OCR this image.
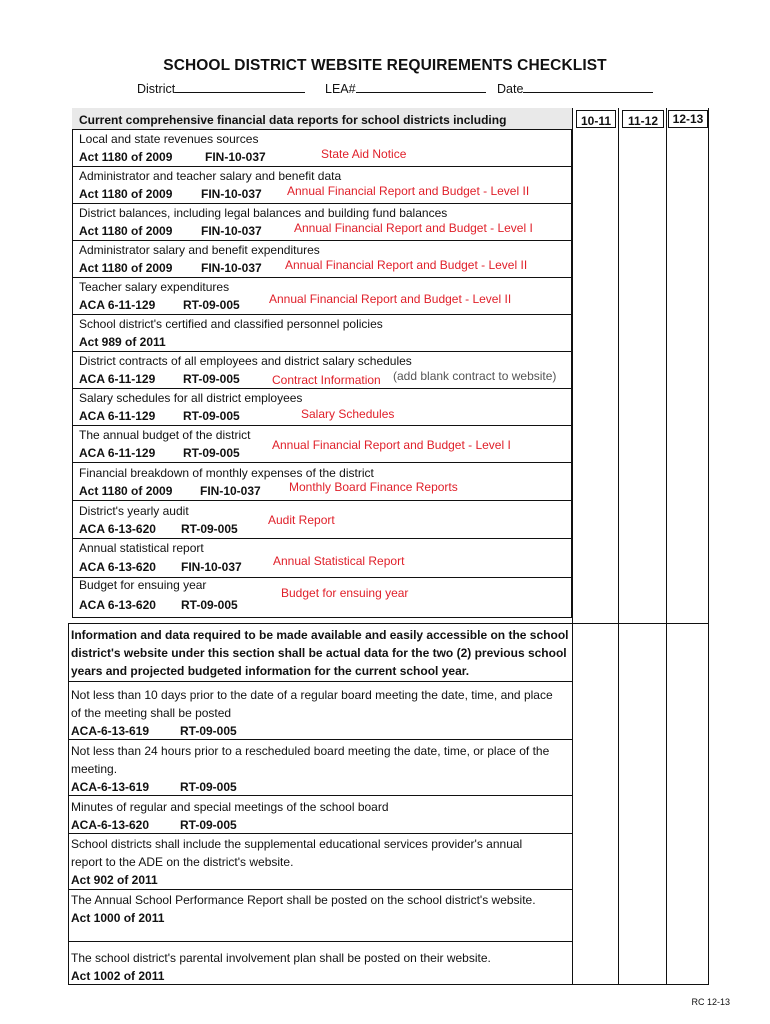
SCHOOL DISTRICT WEBSITE REQUIREMENTS CHECKLIST
District	LEA#	Date
10-11	11-12	12-13
Current comprehensive financial data reports for school districts including
Local and state revenues sources
Act 1180 of 2009	FIN-10-037	State Aid Notice
Administrator and teacher salary and benefit data
Act 1180 of 2009 FIN-10-037 Annual Financial Report and Budget - Level II
District balances, including legal balances and building fund balances
Act 1180 of 2009 FIN-10-037	Annual Financial Report and Budget - Level I
Administrator salary and benefit expenditures
Act 1180 of 2009 FIN-10-037 Annual Financial Report and Budget - Level II
Teacher salary expenditures
ACA 6-11-129 RT-09-005 Annual Financial Report and Budget - Level II
School district's certified and classified personnel policies
Act 989 of 2011
District contracts of all employees and district salary schedules
ACA 6-11-129 RT-09-005	Contract Information (add blank contract to website)
Salary schedules for all district employees
ACA 6-11-129 RT-09-005	Salary Schedules
The annual budget of the district
ACA 6-11-129 RT-09-005
Annual Financial Report and Budget - Level I
Financial breakdown of monthly expenses of the district
Act 1180 of 2009 FIN-10-037 Monthly Board Finance Reports
District's yearly audit
ACA 6-13-620 RT-09-005
Audit Report
Annual statistical report
ACA 6-13-620 FIN-10-037	Annual Statistical Report
Budget for ensuing year
ACA 6-13-620 RT-09-005
Budget for ensuing year
Information and data required to be made available and easily accessible on the school
district's website under this section shall be actual data for the two (2) previous school
years and projected budgeted information for the current school year.
Not less than 10 days prior to the date of a regular board meeting the date, time, and place
of the meeting shall be posted
ACA-6-13-619	RT-09-005
Not less than 24 hours prior to a rescheduled board meeting the date, time, or place of the
meeting.
ACA-6-13-619	RT-09-005
Minutes of regular and special meetings of the school board
ACA-6-13-620	RT-09-005
School districts shall include the supplemental educational services provider's annual
report to the ADE on the district's website.
Act 902 of 2011
The Annual School Performance Report shall be posted on the school district's website.
Act 1000 of 2011
The school district's parental involvement plan shall be posted on their website.
Act 1002 of 2011
RC 12-13
